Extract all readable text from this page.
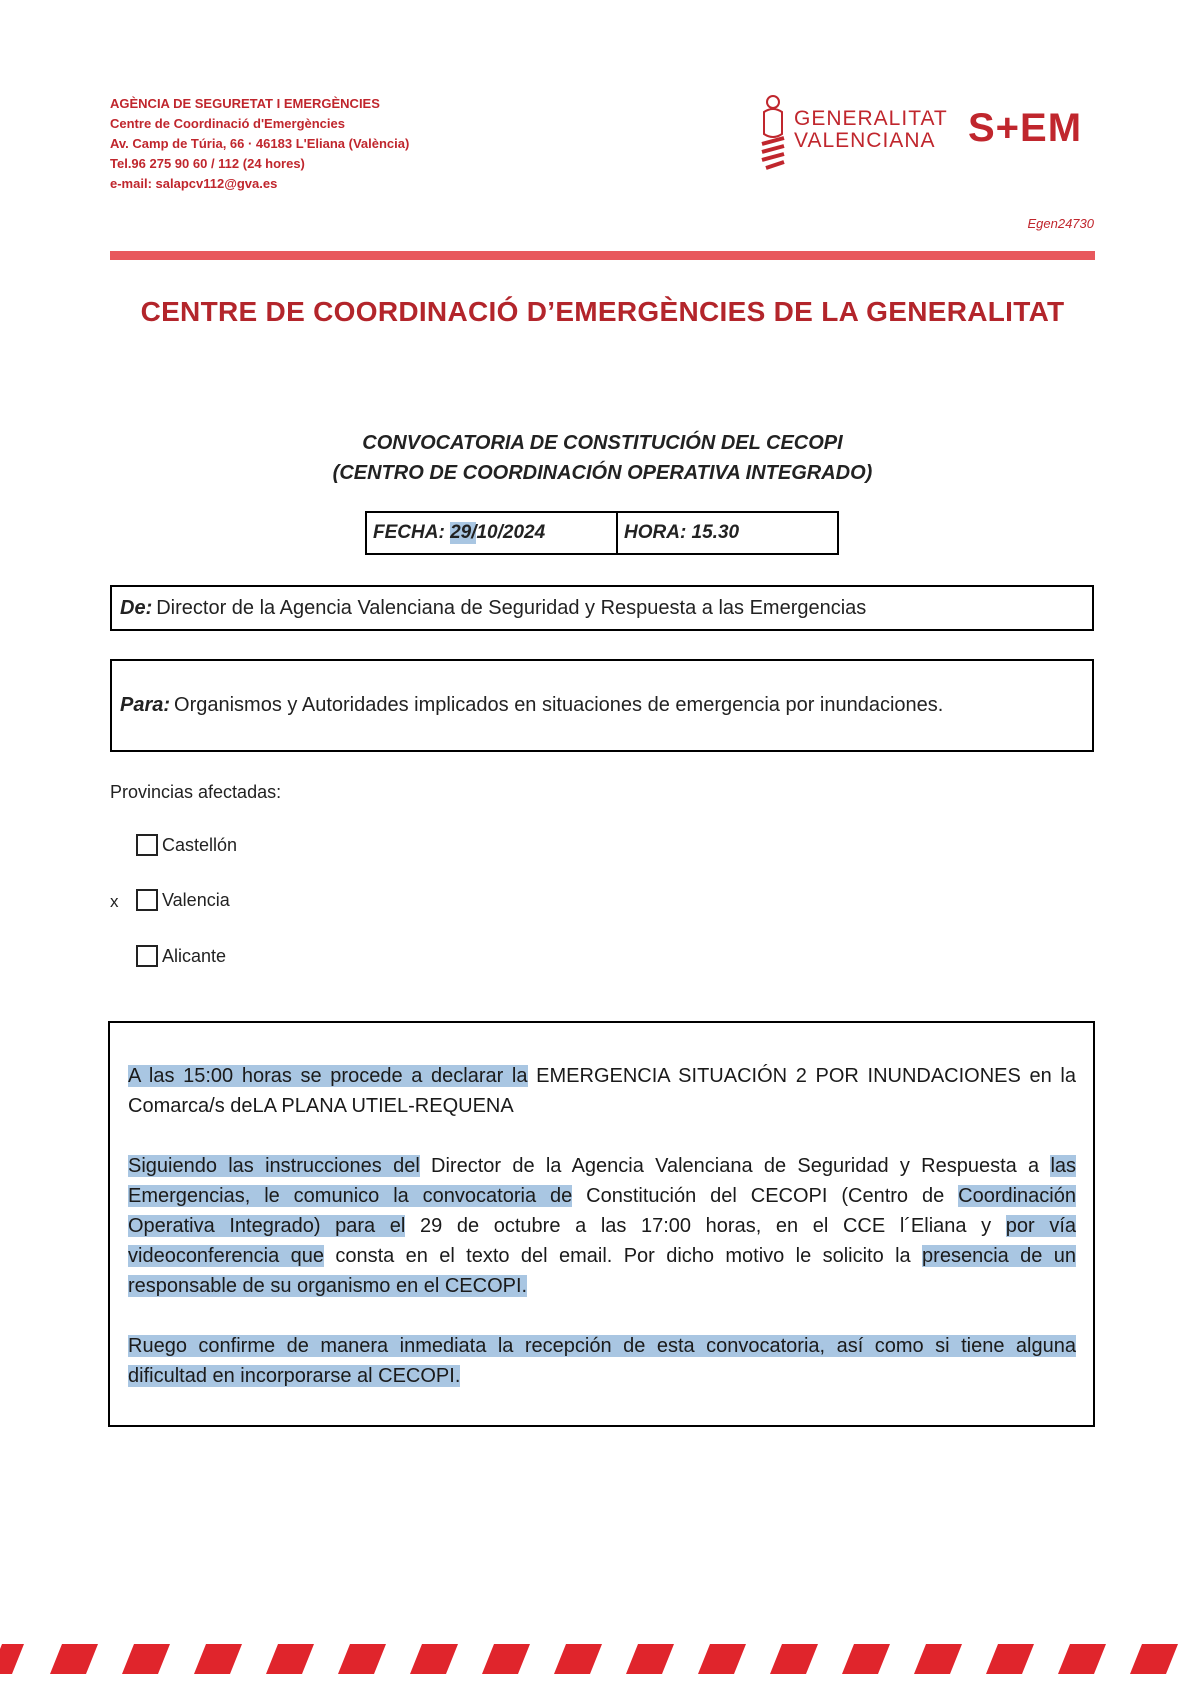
AGÈNCIA DE SEGURETAT I EMERGÈNCIES
Centre de Coordinació d'Emergències
Av. Camp de Túria, 66 · 46183 L'Eliana (València)
Tel.96 275 90 60 / 112 (24 hores)
e-mail: salapcv112@gva.es
GENERALITAT
VALENCIANA S+EM
Egen24730
CENTRE DE COORDINACIÓ D’EMERGÈNCIES DE LA GENERALITAT
CONVOCATORIA DE CONSTITUCIÓN DEL CECOPI
(CENTRO DE COORDINACIÓN OPERATIVA INTEGRADO)
FECHA:
29/ 10/2024	HORA: 15.30
De: Director de la Agencia Valenciana de Seguridad y Respuesta a las Emergencias
Para: Organismos y Autoridades implicados en situaciones de emergencia por inundaciones.
Provincias afectadas:
Castellón
x Valencia
Alicante

A las 15:00 horas se procede a declarar la EMERGENCIA SITUACIÓN 2 POR INUNDACIONES en la Comarca/s deLA PLANA UTIEL-REQUENA

Siguiendo las instrucciones del Director de la Agencia Valenciana de Seguridad y Respuesta a las Emergencias, le comunico la convocatoria de Constitución del CECOPI (Centro de Coordinación Operativa Integrado) para el 29 de octubre a las 17:00 horas, en el CCE l´Eliana y por vía videoconferencia que consta en el texto del email. Por dicho motivo le solicito la presencia de un responsable de su organismo en el CECOPI.

Ruego confirme de manera inmediata la recepción de esta convocatoria, así como si tiene alguna dificultad en incorporarse al CECOPI.
